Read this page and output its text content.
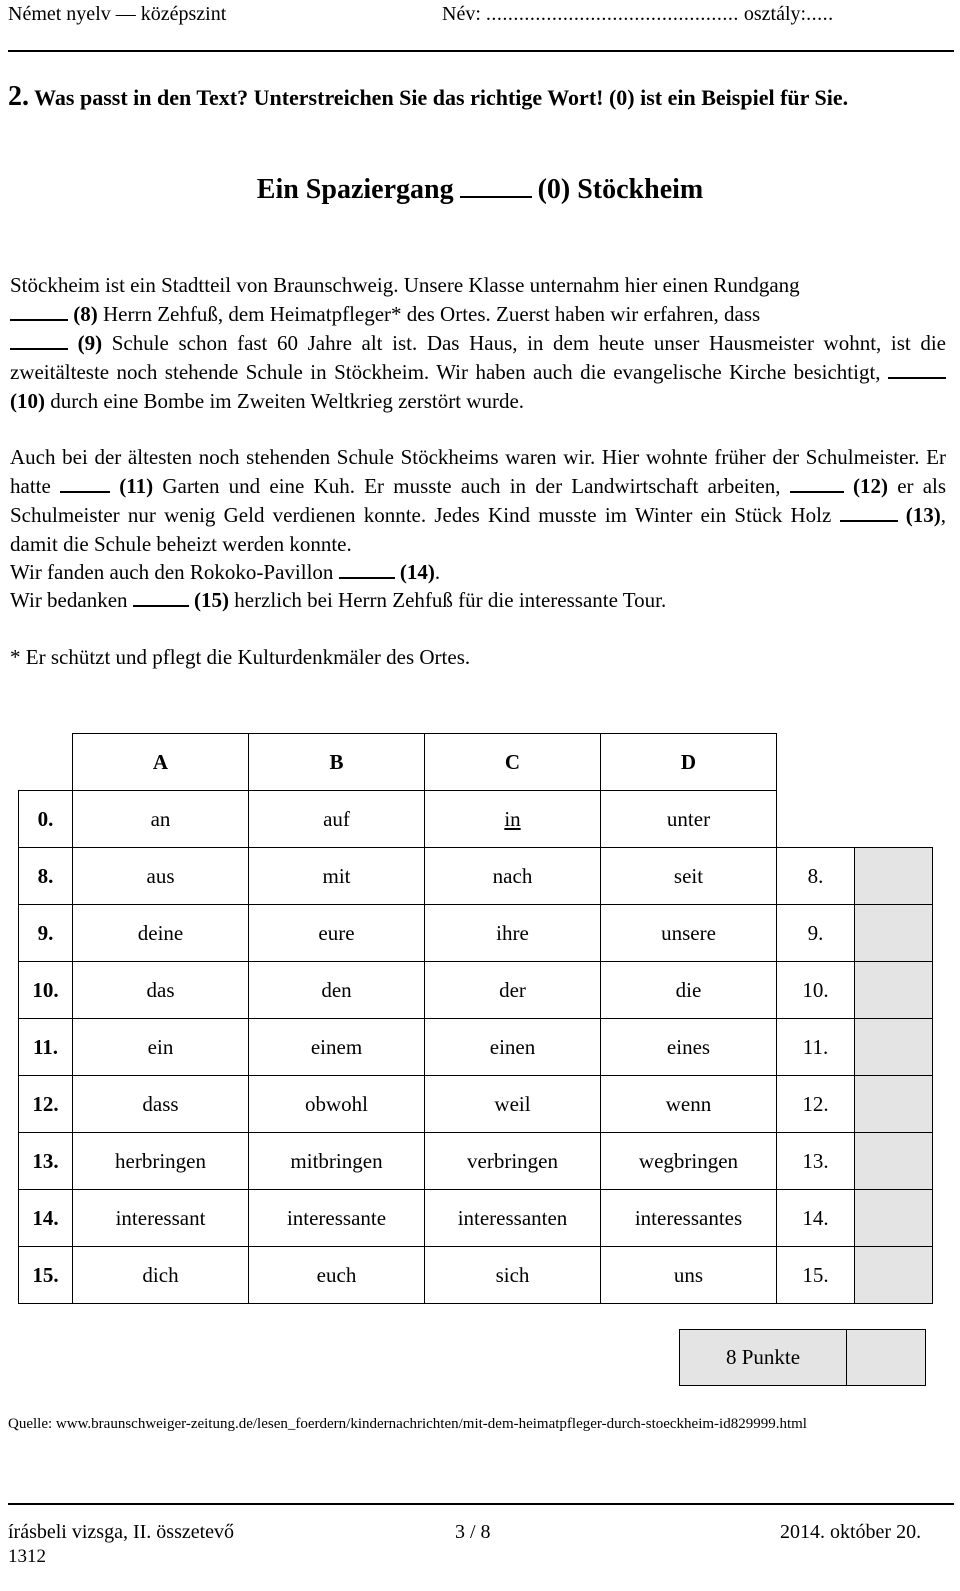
Német nyelv — középszint	Név: .............................................. osztály:.....
2. Was passt in den Text? Unterstreichen Sie das richtige Wort! (0) ist ein Beispiel für Sie.
Ein Spaziergang	(0) Stöckheim

Stöckheim ist ein Stadtteil von Braunschweig. Unsere Klasse unternahm hier einen Rundgang
(8) Herrn Zehfuß, dem Heimatpfleger* des Ortes. Zuerst haben wir erfahren, dass
(9) Schule schon fast 60 Jahre alt ist. Das Haus, in dem heute unser Hausmeister wohnt, ist die zweitälteste noch stehende Schule in Stöckheim. Wir haben auch die evangelische Kirche besichtigt,  (10) durch eine Bombe im Zweiten Weltkrieg zerstört wurde.

Auch bei der ältesten noch stehenden Schule Stöckheims waren wir. Hier wohnte früher der Schulmeister. Er hatte	(11) Garten und eine Kuh. Er musste auch in der Landwirtschaft arbeiten,	(12) er als Schulmeister nur wenig Geld verdienen konnte. Jedes Kind musste im Winter ein Stück Holz	(13), damit die Schule beheizt werden konnte.

Wir fanden auch den Rokoko-Pavillon	(14).
Wir bedanken	(15) herzlich bei Herrn Zehfuß für die interessante Tour.
* Er schützt und pflegt die Kulturdenkmäler des Ortes.
	A	B	C	D		
0.	an	auf	in	unter		
8.	aus	mit	nach	seit	8.	
9.	deine	eure	ihre	unsere	9.	
10.	das	den	der	die	10.	
11.	ein	einem	einen	eines	11.	
12.	dass	obwohl	weil	wenn	12.	
13.	herbringen	mitbringen	verbringen	wegbringen	13.	
14.	interessant	interessante	interessanten	interessantes	14.	
15.	dich	euch	sich	uns	15.	
8 Punkte	
Quelle: www.braunschweiger-zeitung.de/lesen_foerdern/kindernachrichten/mit-dem-heimatpfleger-durch-stoeckheim-id829999.html
írásbeli vizsga, II. összetevő
1312
3 / 8	2014. október 20.
